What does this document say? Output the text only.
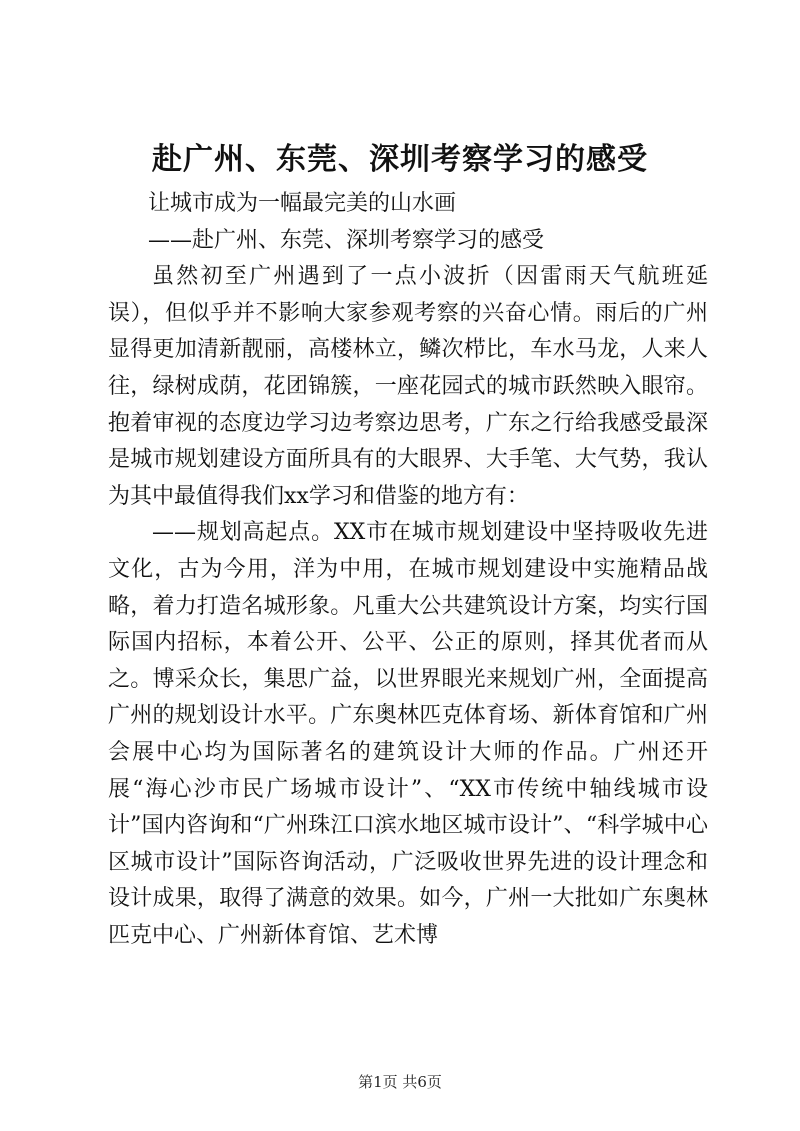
赴广州、东莞、深圳考察学习的感受

让城市成为一幅最完美的山水画

——赴广州、东莞、深圳考察学习的感受

虽然初至广州遇到了一点小波折（因雷雨天气航班延误），但似乎并不影响大家参观考察的兴奋心情。雨后的广州显得更加清新靓丽，高楼林立，鳞次栉比，车水马龙，人来人往，绿树成荫，花团锦簇，一座花园式的城市跃然映入眼帘。抱着审视的态度边学习边考察边思考，广东之行给我感受最深是城市规划建设方面所具有的大眼界、大手笔、大气势，我认为其中最值得我们xx学习和借鉴的地方有：

——规划高起点。XX市在城市规划建设中坚持吸收先进文化，古为今用，洋为中用，在城市规划建设中实施精品战略，着力打造名城形象。凡重大公共建筑设计方案，均实行国际国内招标，本着公开、公平、公正的原则，择其优者而从之。博采众长，集思广益，以世界眼光来规划广州，全面提高广州的规划设计水平。广东奥林匹克体育场、新体育馆和广州会展中心均为国际著名的建筑设计大师的作品。广州还开展“海心沙市民广场城市设计”、“XX市传统中轴线城市设计”国内咨询和“广州珠江口滨水地区城市设计”、“科学城中心区城市设计”国际咨询活动，广泛吸收世界先进的设计理念和设计成果，取得了满意的效果。如今，广州一大批如广东奥林匹克中心、广州新体育馆、艺术博

第1页 共6页
